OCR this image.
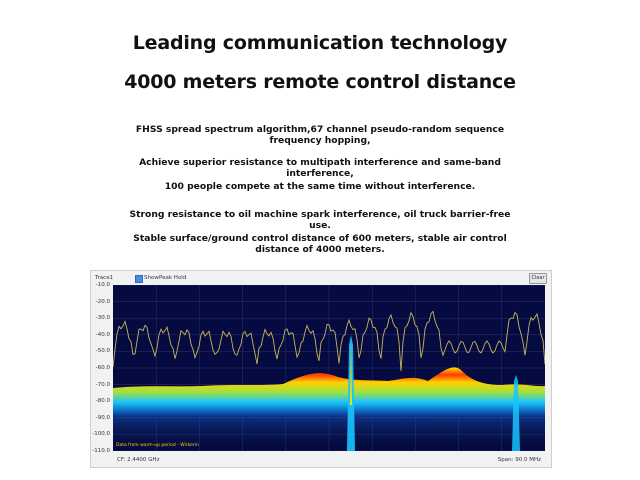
Leading communication technology
4000 meters remote control distance
FHSS spread spectrum algorithm,67 channel pseudo-random sequence frequency hopping,
Achieve superior resistance to multipath interference and same-band interference,
100 people compete at the same time without interference.
Strong resistance to oil machine spark interference, oil truck barrier-free use.
Stable surface/ground control distance of 600 meters, stable air control distance of 4000 meters.
Trace1	Show Peak Hold	Clear
-10.0
-20.0
-30.0
-40.0
-50.0
-60.0
-70.0
-80.0
-90.0
-100.0
-110.0
Data from warm-up period - Wirkerin
CF: 2.4400 GHz	Span: 90.0 MHz
